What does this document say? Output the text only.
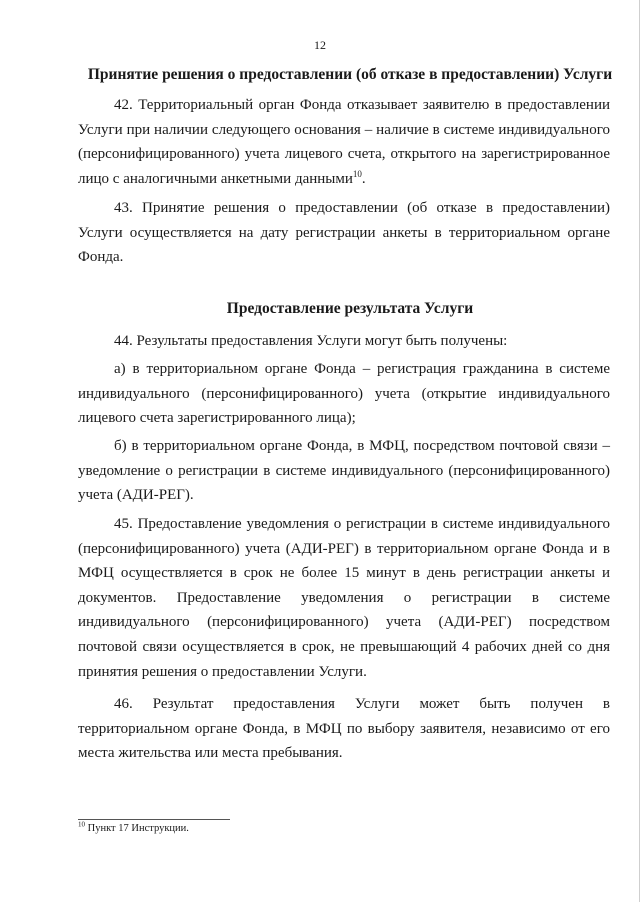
12
Принятие решения о предоставлении (об отказе в предоставлении) Услуги

42. Территориальный орган Фонда отказывает заявителю в предоставлении Услуги при наличии следующего основания – наличие в системе индивидуального (персонифицированного) учета лицевого счета, открытого на зарегистрированное лицо с аналогичными анкетными данными$^{10}$.

43. Принятие решения о предоставлении (об отказе в предоставлении) Услуги осуществляется на дату регистрации анкеты в территориальном органе Фонда.

Предоставление результата Услуги

44. Результаты предоставления Услуги могут быть получены:

а) в территориальном органе Фонда – регистрация гражданина в системе индивидуального (персонифицированного) учета (открытие индивидуального лицевого счета зарегистрированного лица);

б) в территориальном органе Фонда, в МФЦ, посредством почтовой связи – уведомление о регистрации в системе индивидуального (персонифицированного) учета (АДИ-РЕГ).

45. Предоставление уведомления о регистрации в системе индивидуального (персонифицированного) учета (АДИ-РЕГ) в территориальном органе Фонда и в МФЦ осуществляется в срок не более 15 минут в день регистрации анкеты и документов. Предоставление уведомления о регистрации в системе индивидуального (персонифицированного) учета (АДИ-РЕГ) посредством почтовой связи осуществляется в срок, не превышающий 4 рабочих дней со дня принятия решения о предоставлении Услуги.

46. Результат предоставления Услуги может быть получен в территориальном органе Фонда, в МФЦ по выбору заявителя, независимо от его места жительства или места пребывания.

$^{10}$ Пункт 17 Инструкции.
